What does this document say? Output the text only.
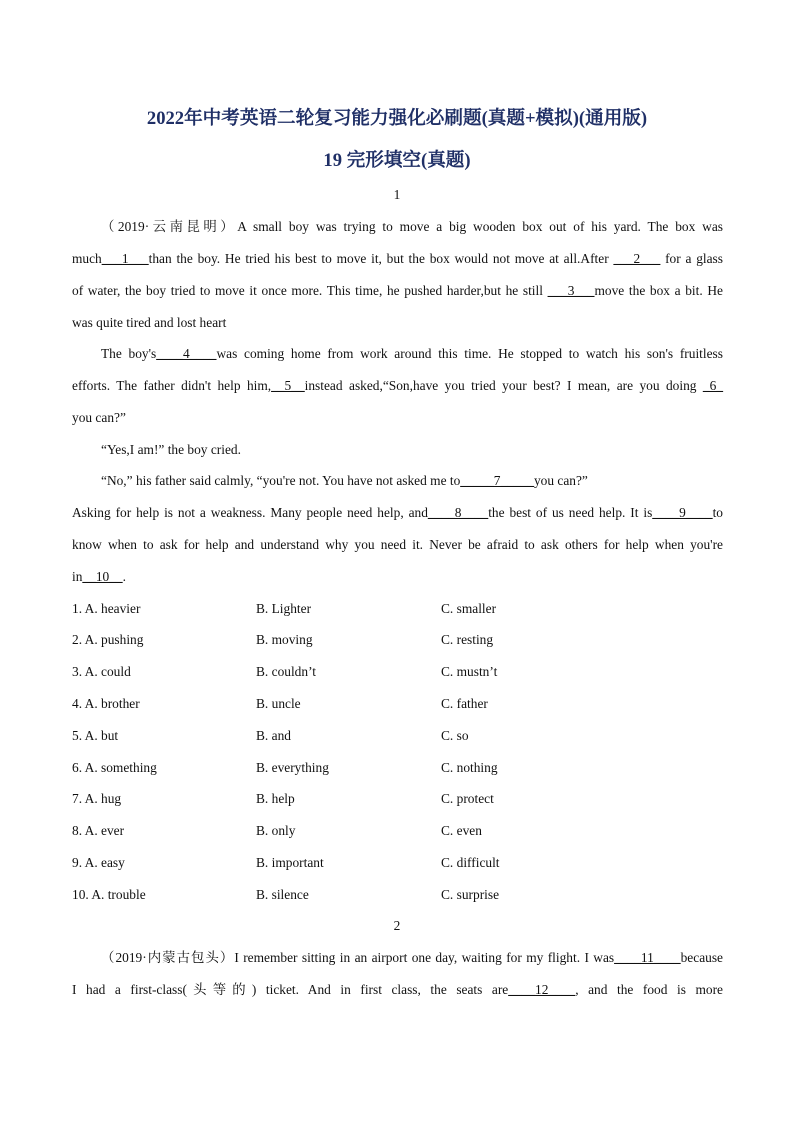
2022年中考英语二轮复习能力强化必刷题(真题+模拟)(通用版)
19 完形填空(真题)
1
（2019·云南昆明）A small boy was trying to move a big wooden box out of his yard. The box was
much___1___than the boy. He tried his best to move it, but the box would not move at all.After ___2___ for a glass
of water, the boy tried to move it once more. This time, he pushed harder,but he still ___3___move the box a bit. He
was quite tired and lost heart
The boy's____4____was coming home from work around this time. He stopped to watch his son's fruitless
efforts. The father didn't help him,__5__instead asked,“Son,have you tried your best? I mean, are you doing _6_
you can?”
“Yes,I am!” the boy cried.
“No,” his father said calmly, “you're not. You have not asked me to_____7_____you can?”
Asking for help is not a weakness. Many people need help, and____8____the best of us need help. It is____9____to
know when to ask for help and understand why you need it. Never be afraid to ask others for help when you're
in__10__.
1. A. heavier	B. Lighter	C. smaller
2. A. pushing	B. moving	C. resting
3. A. could	B. couldn’t	C. mustn’t
4. A. brother	B. uncle	C. father
5. A. but	B. and	C. so
6. A. something	B. everything	C. nothing
7. A. hug	B. help	C. protect
8. A. ever	B. only	C. even
9. A. easy	B. important	C. difficult
10. A. trouble	B. silence	C. surprise
2
（2019·内蒙古包头）I remember sitting in an airport one day, waiting for my flight. I was____11____because
I had a first-class(头等的) ticket. And in first class, the seats are____12____, and the food is more
